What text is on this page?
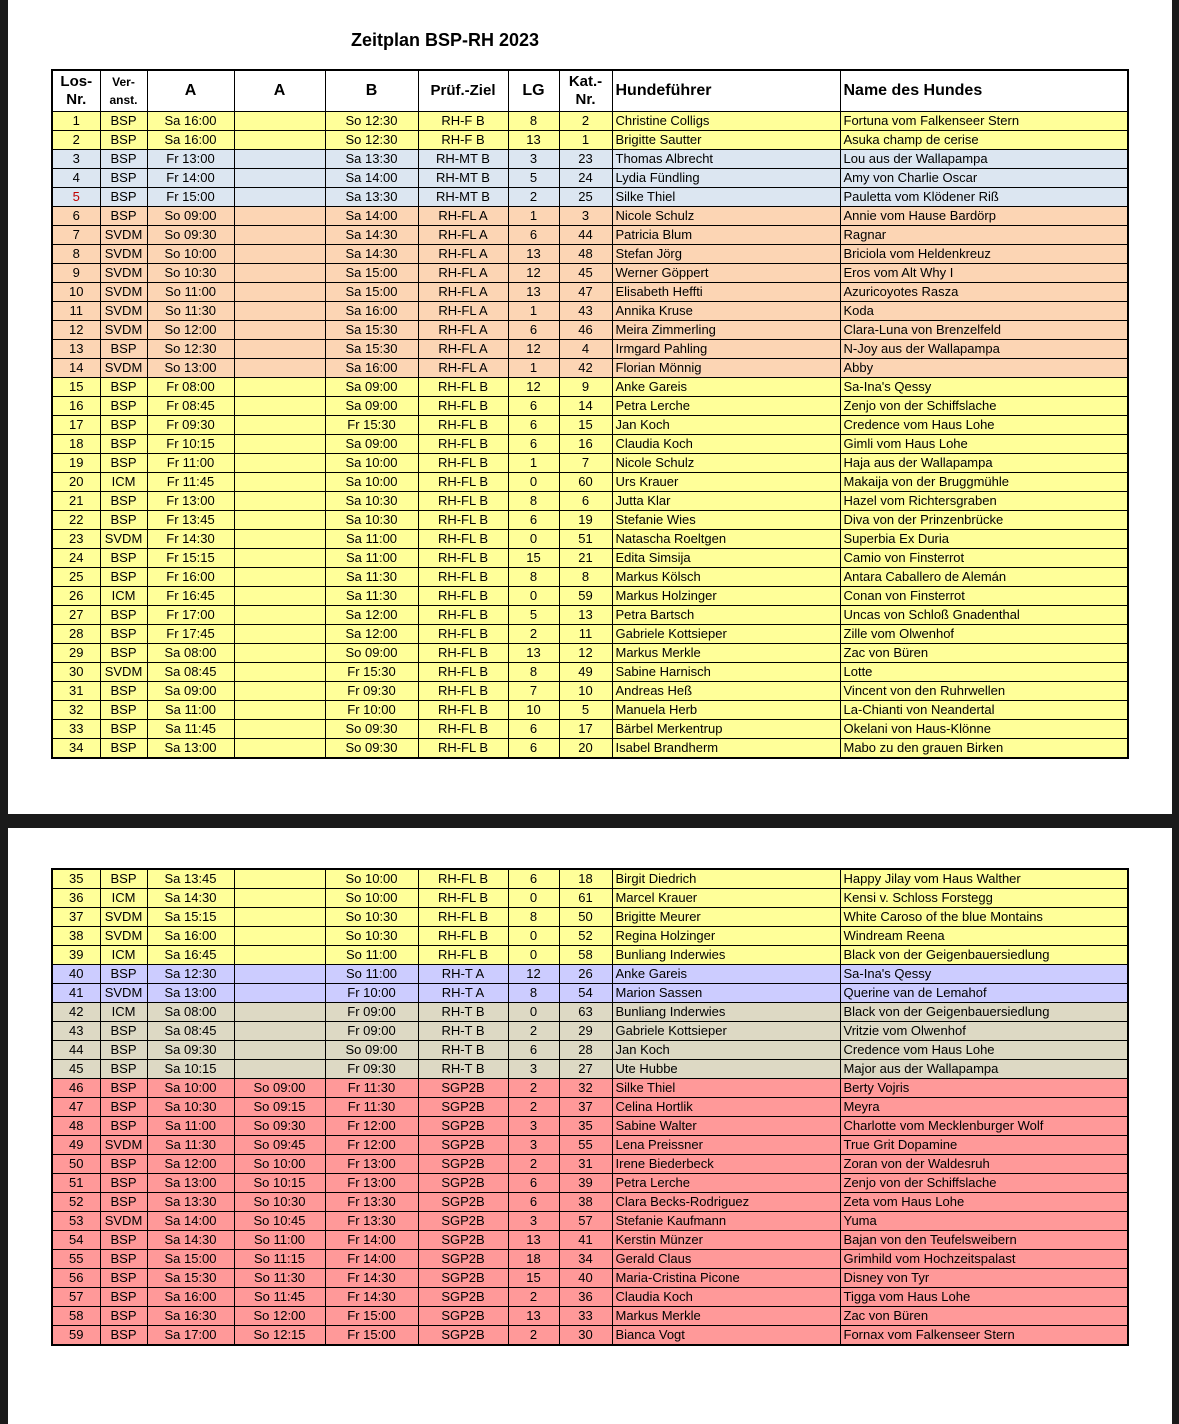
Zeitplan BSP-RH 2023
Los-
Nr.	Ver-
anst.	A	A	B	Prüf.-Ziel	LG	Kat.-
Nr.	Hundeführer	Name des Hundes
1	BSP	Sa 16:00		So 12:30	RH-F B	8	2	Christine Colligs	Fortuna vom Falkenseer Stern
2	BSP	Sa 16:00		So 12:30	RH-F B	13	1	Brigitte Sautter	Asuka champ de cerise
3	BSP	Fr 13:00		Sa 13:30	RH-MT B	3	23	Thomas Albrecht	Lou aus der Wallapampa
4	BSP	Fr 14:00		Sa 14:00	RH-MT B	5	24	Lydia Fündling	Amy von Charlie Oscar
5	BSP	Fr 15:00		Sa 13:30	RH-MT B	2	25	Silke Thiel	Pauletta vom Klödener Riß
6	BSP	So 09:00		Sa 14:00	RH-FL A	1	3	Nicole Schulz	Annie vom Hause Bardörp
7	SVDM	So 09:30		Sa 14:30	RH-FL A	6	44	Patricia Blum	Ragnar
8	SVDM	So 10:00		Sa 14:30	RH-FL A	13	48	Stefan Jörg	Briciola vom Heldenkreuz
9	SVDM	So 10:30		Sa 15:00	RH-FL A	12	45	Werner Göppert	Eros vom Alt Why I
10	SVDM	So 11:00		Sa 15:00	RH-FL A	13	47	Elisabeth Heffti	Azuricoyotes Rasza
11	SVDM	So 11:30		Sa 16:00	RH-FL A	1	43	Annika Kruse	Koda
12	SVDM	So 12:00		Sa 15:30	RH-FL A	6	46	Meira Zimmerling	Clara-Luna von Brenzelfeld
13	BSP	So 12:30		Sa 15:30	RH-FL A	12	4	Irmgard Pahling	N-Joy aus der Wallapampa
14	SVDM	So 13:00		Sa 16:00	RH-FL A	1	42	Florian Mönnig	Abby
15	BSP	Fr 08:00		Sa 09:00	RH-FL B	12	9	Anke Gareis	Sa-Ina's Qessy
16	BSP	Fr 08:45		Sa 09:00	RH-FL B	6	14	Petra Lerche	Zenjo von der Schiffslache
17	BSP	Fr 09:30		Fr 15:30	RH-FL B	6	15	Jan Koch	Credence vom Haus Lohe
18	BSP	Fr 10:15		Sa 09:00	RH-FL B	6	16	Claudia Koch	Gimli vom Haus Lohe
19	BSP	Fr 11:00		Sa 10:00	RH-FL B	1	7	Nicole Schulz	Haja aus der Wallapampa
20	ICM	Fr 11:45		Sa 10:00	RH-FL B	0	60	Urs Krauer	Makaija von der Bruggmühle
21	BSP	Fr 13:00		Sa 10:30	RH-FL B	8	6	Jutta Klar	Hazel vom Richtersgraben
22	BSP	Fr 13:45		Sa 10:30	RH-FL B	6	19	Stefanie Wies	Diva von der Prinzenbrücke
23	SVDM	Fr 14:30		Sa 11:00	RH-FL B	0	51	Natascha Roeltgen	Superbia Ex Duria
24	BSP	Fr 15:15		Sa 11:00	RH-FL B	15	21	Edita Simsija	Camio von Finsterrot
25	BSP	Fr 16:00		Sa 11:30	RH-FL B	8	8	Markus Kölsch	Antara Caballero de Alemán
26	ICM	Fr 16:45		Sa 11:30	RH-FL B	0	59	Markus Holzinger	Conan von Finsterrot
27	BSP	Fr 17:00		Sa 12:00	RH-FL B	5	13	Petra Bartsch	Uncas von Schloß Gnadenthal
28	BSP	Fr 17:45		Sa 12:00	RH-FL B	2	11	Gabriele Kottsieper	Zille vom Olwenhof
29	BSP	Sa 08:00		So 09:00	RH-FL B	13	12	Markus Merkle	Zac von Büren
30	SVDM	Sa 08:45		Fr 15:30	RH-FL B	8	49	Sabine Harnisch	Lotte
31	BSP	Sa 09:00		Fr 09:30	RH-FL B	7	10	Andreas Heß	Vincent von den Ruhrwellen
32	BSP	Sa 11:00		Fr 10:00	RH-FL B	10	5	Manuela Herb	La-Chianti von Neandertal
33	BSP	Sa 11:45		So 09:30	RH-FL B	6	17	Bärbel Merkentrup	Okelani von Haus-Klönne
34	BSP	Sa 13:00		So 09:30	RH-FL B	6	20	Isabel Brandherm	Mabo zu den grauen Birken
35	BSP	Sa 13:45		So 10:00	RH-FL B	6	18	Birgit Diedrich	Happy Jilay vom Haus Walther
36	ICM	Sa 14:30		So 10:00	RH-FL B	0	61	Marcel Krauer	Kensi v. Schloss Forstegg
37	SVDM	Sa 15:15		So 10:30	RH-FL B	8	50	Brigitte Meurer	White Caroso of the blue Montains
38	SVDM	Sa 16:00		So 10:30	RH-FL B	0	52	Regina Holzinger	Windream Reena
39	ICM	Sa 16:45		So 11:00	RH-FL B	0	58	Bunliang Inderwies	Black von der Geigenbauersiedlung
40	BSP	Sa 12:30		So 11:00	RH-T A	12	26	Anke Gareis	Sa-Ina's Qessy
41	SVDM	Sa 13:00		Fr 10:00	RH-T A	8	54	Marion Sassen	Querine van de Lemahof
42	ICM	Sa 08:00		Fr 09:00	RH-T B	0	63	Bunliang Inderwies	Black von der Geigenbauersiedlung
43	BSP	Sa 08:45		Fr 09:00	RH-T B	2	29	Gabriele Kottsieper	Vritzie vom Olwenhof
44	BSP	Sa 09:30		So 09:00	RH-T B	6	28	Jan Koch	Credence vom Haus Lohe
45	BSP	Sa 10:15		Fr 09:30	RH-T B	3	27	Ute Hubbe	Major aus der Wallapampa
46	BSP	Sa 10:00	So 09:00	Fr 11:30	SGP2B	2	32	Silke Thiel	Berty Vojris
47	BSP	Sa 10:30	So 09:15	Fr 11:30	SGP2B	2	37	Celina Hortlik	Meyra
48	BSP	Sa 11:00	So 09:30	Fr 12:00	SGP2B	3	35	Sabine Walter	Charlotte vom Mecklenburger Wolf
49	SVDM	Sa 11:30	So 09:45	Fr 12:00	SGP2B	3	55	Lena Preissner	True Grit Dopamine
50	BSP	Sa 12:00	So 10:00	Fr 13:00	SGP2B	2	31	Irene Biederbeck	Zoran von der Waldesruh
51	BSP	Sa 13:00	So 10:15	Fr 13:00	SGP2B	6	39	Petra Lerche	Zenjo von der Schiffslache
52	BSP	Sa 13:30	So 10:30	Fr 13:30	SGP2B	6	38	Clara Becks-Rodriguez	Zeta vom Haus Lohe
53	SVDM	Sa 14:00	So 10:45	Fr 13:30	SGP2B	3	57	Stefanie Kaufmann	Yuma
54	BSP	Sa 14:30	So 11:00	Fr 14:00	SGP2B	13	41	Kerstin Münzer	Bajan von den Teufelsweibern
55	BSP	Sa 15:00	So 11:15	Fr 14:00	SGP2B	18	34	Gerald Claus	Grimhild vom Hochzeitspalast
56	BSP	Sa 15:30	So 11:30	Fr 14:30	SGP2B	15	40	Maria-Cristina Picone	Disney von Tyr
57	BSP	Sa 16:00	So 11:45	Fr 14:30	SGP2B	2	36	Claudia Koch	Tigga vom Haus Lohe
58	BSP	Sa 16:30	So 12:00	Fr 15:00	SGP2B	13	33	Markus Merkle	Zac von Büren
59	BSP	Sa 17:00	So 12:15	Fr 15:00	SGP2B	2	30	Bianca Vogt	Fornax vom Falkenseer Stern
